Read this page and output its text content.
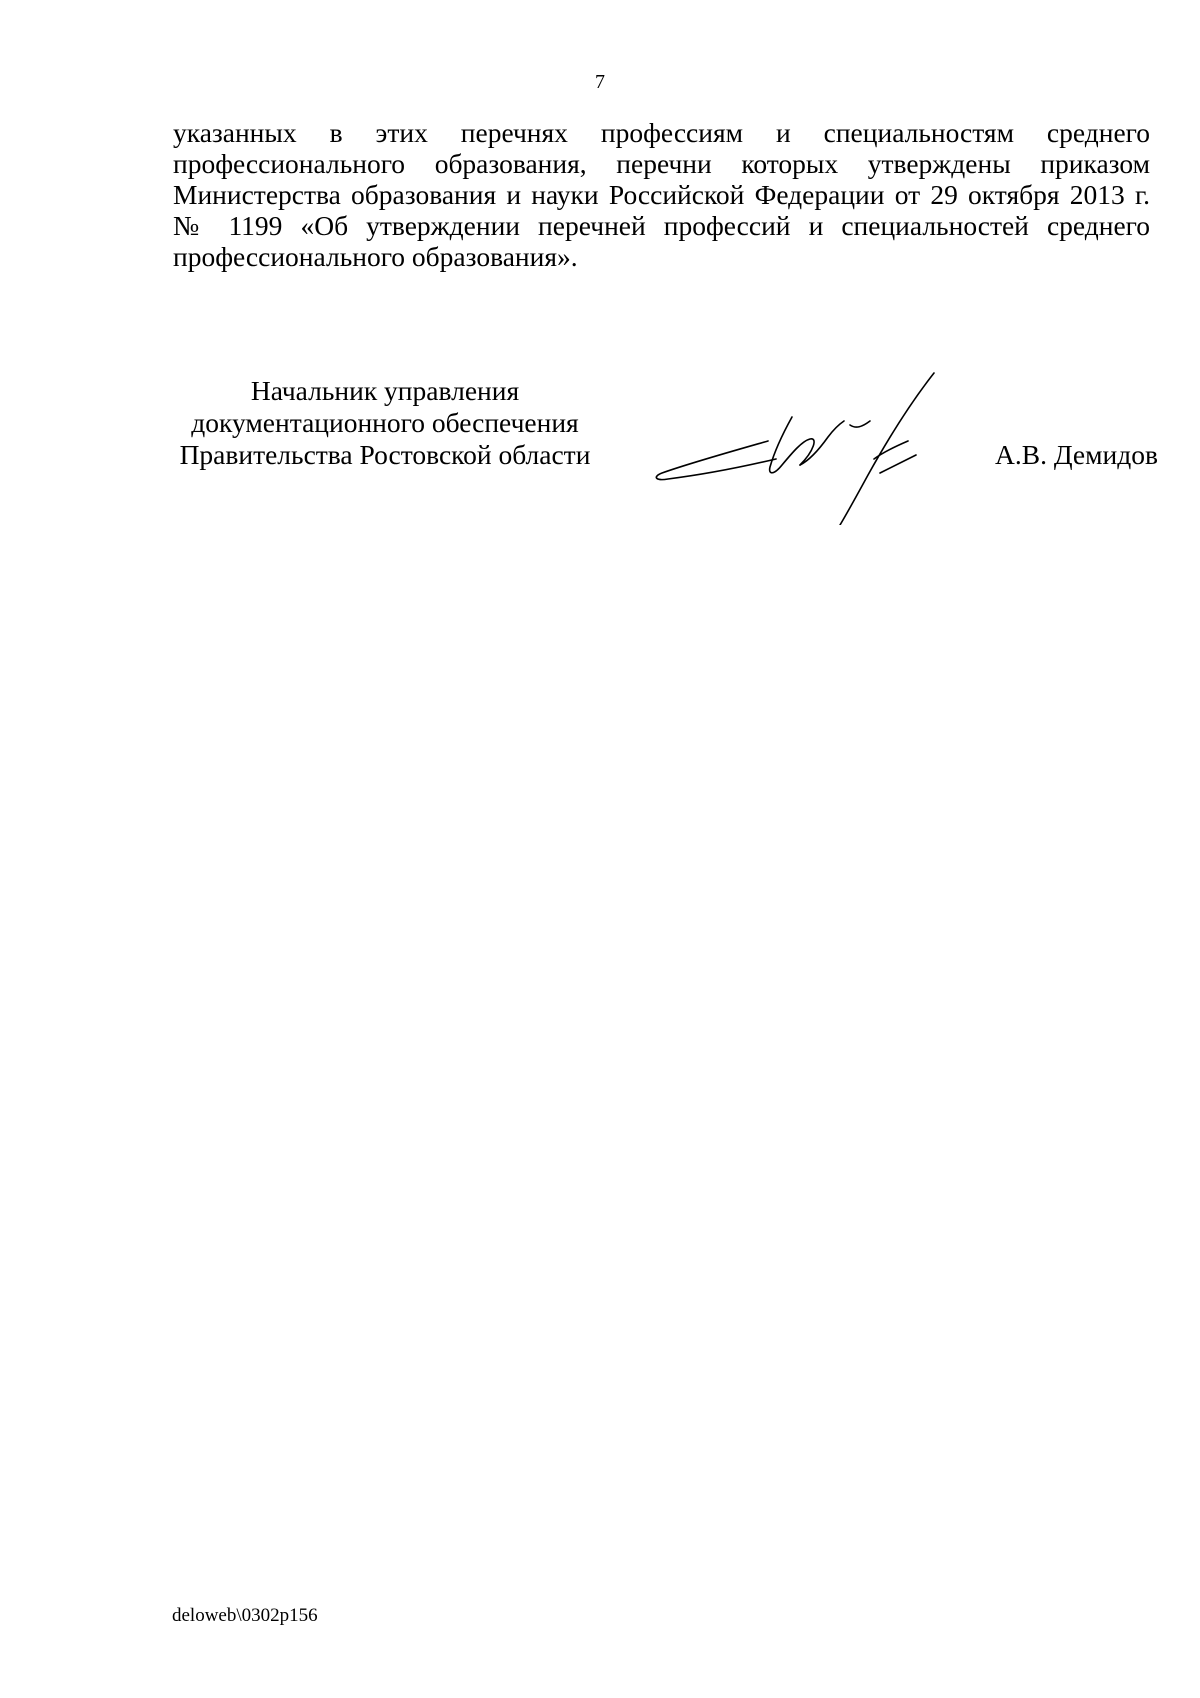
7
указанных в этих перечнях профессиям и специальностям среднего
профессионального образования, перечни которых утверждены приказом
Министерства образования и науки Российской Федерации от 29 октября 2013 г.
№ 1199 «Об утверждении перечней профессий и специальностей среднего
профессионального образования».
Начальник управления
документационного обеспечения
Правительства Ростовской области	А.В. Демидов
deloweb\0302p156
